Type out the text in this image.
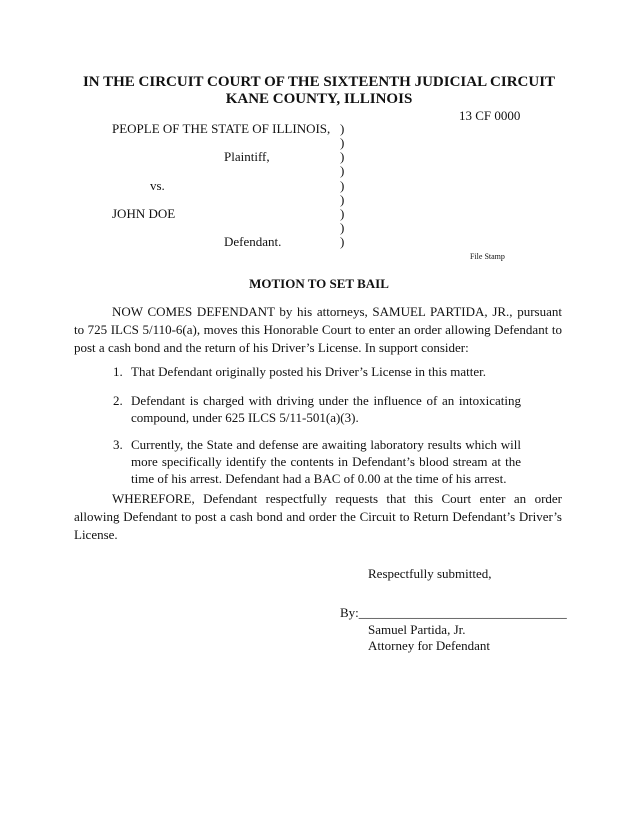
IN THE CIRCUIT COURT OF THE SIXTEENTH JUDICIAL CIRCUIT
KANE COUNTY, ILLINOIS
13 CF 0000
PEOPLE OF THE STATE OF ILLINOIS,
Plaintiff,
vs.
JOHN DOE
Defendant.
)
)
)
)
)
)
)
)
)
File Stamp
MOTION TO SET BAIL
NOW COMES DEFENDANT by his attorneys, SAMUEL PARTIDA, JR., pursuant to 725 ILCS 5/110-6(a), moves this Honorable Court to enter an order allowing Defendant to post a cash bond and the return of his Driver’s License. In support consider:
1. That Defendant originally posted his Driver’s License in this matter.
2. Defendant is charged with driving under the influence of an intoxicating compound, under 625 ILCS 5/11-501(a)(3).
3. Currently, the State and defense are awaiting laboratory results which will more specifically identify the contents in Defendant’s blood stream at the time of his arrest. Defendant had a BAC of 0.00 at the time of his arrest.
WHEREFORE, Defendant respectfully requests that this Court enter an order allowing Defendant to post a cash bond and order the Circuit to Return Defendant’s Driver’s License.
Respectfully submitted,
By:________________________________
Samuel Partida, Jr.
Attorney for Defendant
